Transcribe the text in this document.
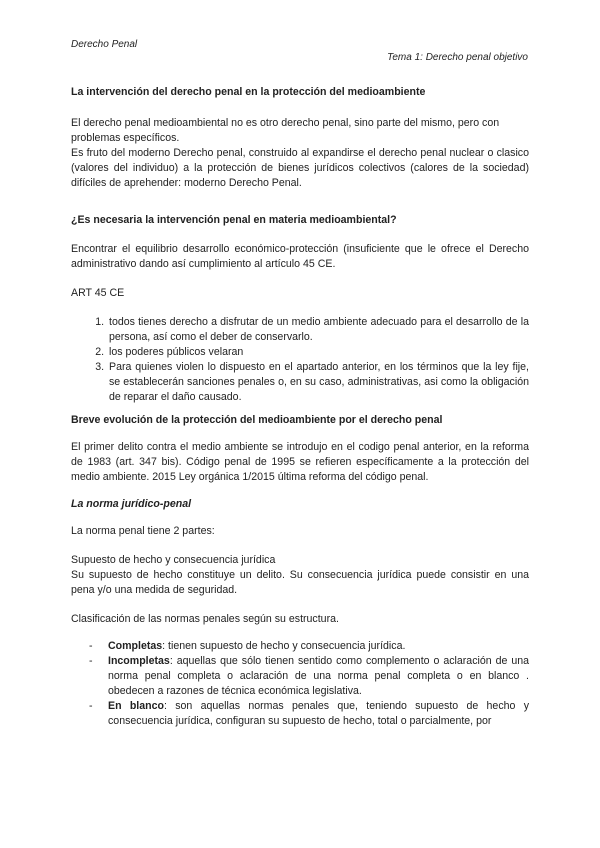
Derecho Penal
Tema 1: Derecho penal objetivo

La intervención del derecho penal en la protección del medioambiente

El derecho penal medioambiental no es otro derecho penal, sino parte del mismo, pero con problemas específicos.

Es fruto del moderno Derecho penal, construido al expandirse el derecho penal nuclear o clasico (valores del individuo) a la protección de bienes jurídicos colectivos (calores de la sociedad) difíciles de aprehender: moderno Derecho Penal.

¿Es necesaria la intervención penal en materia medioambiental?

Encontrar el equilibrio desarrollo económico-protección (insuficiente que le ofrece el Derecho administrativo dando así cumplimiento al artículo 45 CE.

ART 45 CE

1. todos tienes derecho a disfrutar de un medio ambiente adecuado para el desarrollo de la persona, así como el deber de conservarlo.
2. los poderes públicos velaran
3. Para quienes violen lo dispuesto en el apartado anterior, en los términos que la ley fije, se establecerán sanciones penales o, en su caso, administrativas, asi como la obligación de reparar el daño causado.

Breve evolución de la protección del medioambiente por el derecho penal

El primer delito contra el medio ambiente se introdujo en el codigo penal anterior, en la reforma de 1983 (art. 347 bis). Código penal de 1995 se refieren específicamente a la protección del medio ambiente. 2015 Ley orgánica 1/2015 última reforma del código penal.

La norma jurídico-penal

La norma penal tiene 2 partes:

Supuesto de hecho y consecuencia jurídica

Su supuesto de hecho constituye un delito. Su consecuencia jurídica puede consistir en una pena y/o una medida de seguridad.

Clasificación de las normas penales según su estructura.

- Completas: tienen supuesto de hecho y consecuencia jurídica.
- Incompletas: aquellas que sólo tienen sentido como complemento o aclaración de una norma penal completa o aclaración de una norma penal completa o en blanco . obedecen a razones de técnica económica legislativa.
- En blanco: son aquellas normas penales que, teniendo supuesto de hecho y consecuencia jurídica, configuran su supuesto de hecho, total o parcialmente, por
